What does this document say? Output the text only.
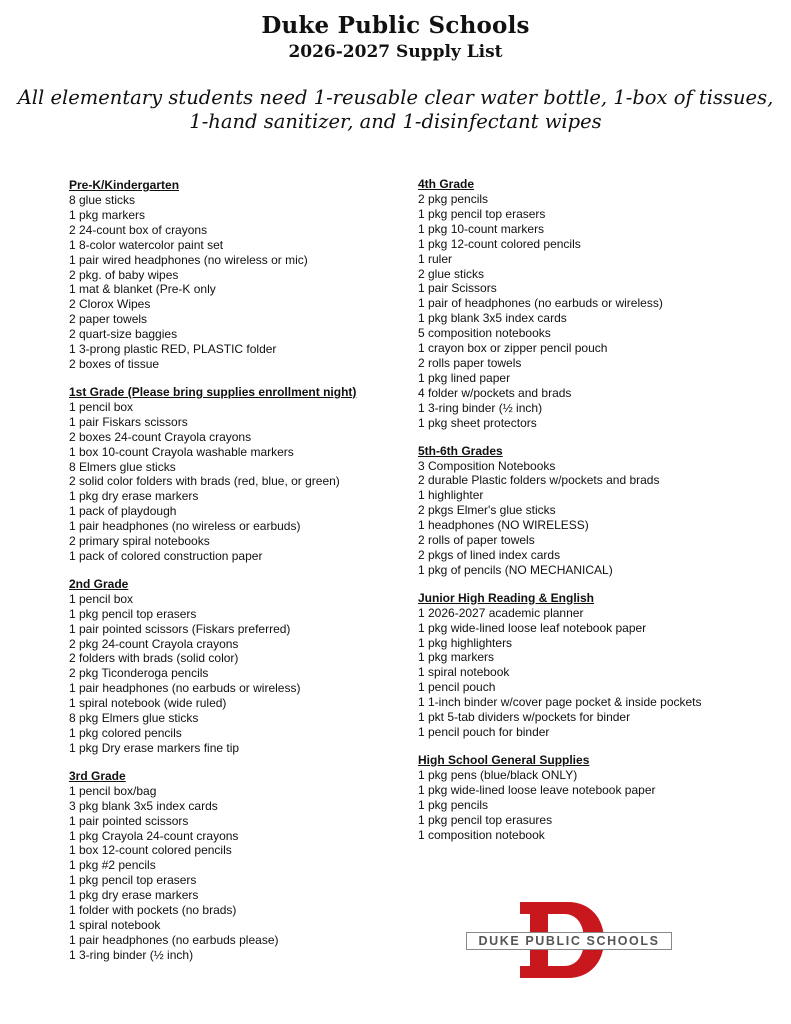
Duke Public Schools
2026-2027 Supply List
All elementary students need 1-reusable clear water bottle, 1-box of tissues,
1-hand sanitizer, and 1-disinfectant wipes
Pre-K/Kindergarten
8 glue sticks
1 pkg markers
2 24-count box of crayons
1 8-color watercolor paint set
1 pair wired headphones (no wireless or mic)
2 pkg. of baby wipes
1 mat & blanket (Pre-K only
2 Clorox Wipes
2 paper towels
2 quart-size baggies
1 3-prong plastic RED, PLASTIC folder
2 boxes of tissue
1st Grade (Please bring supplies enrollment night)
1 pencil box
1 pair Fiskars scissors
2 boxes 24-count Crayola crayons
1 box 10-count Crayola washable markers
8 Elmers glue sticks
2 solid color folders with brads (red, blue, or green)
1 pkg dry erase markers
1 pack of playdough
1 pair headphones (no wireless or earbuds)
2 primary spiral notebooks
1 pack of colored construction paper
2nd Grade
1 pencil box
1 pkg pencil top erasers
1 pair pointed scissors (Fiskars preferred)
2 pkg 24-count Crayola crayons
2 folders with brads (solid color)
2 pkg Ticonderoga pencils
1 pair headphones (no earbuds or wireless)
1 spiral notebook (wide ruled)
8 pkg Elmers glue sticks
1 pkg colored pencils
1 pkg Dry erase markers fine tip
3rd Grade
1 pencil box/bag
3 pkg blank 3x5 index cards
1 pair pointed scissors
1 pkg Crayola 24-count crayons
1 box 12-count colored pencils
1 pkg #2 pencils
1 pkg pencil top erasers
1 pkg dry erase markers
1 folder with pockets (no brads)
1 spiral notebook
1 pair headphones (no earbuds please)
1 3-ring binder (½ inch)
4th Grade
2 pkg pencils
1 pkg pencil top erasers
1 pkg 10-count markers
1 pkg 12-count colored pencils
1 ruler
2 glue sticks
1 pair Scissors
1 pair of headphones (no earbuds or wireless)
1 pkg blank 3x5 index cards
5 composition notebooks
1 crayon box or zipper pencil pouch
2 rolls paper towels
1 pkg lined paper
4 folder w/pockets and brads
1 3-ring binder (½ inch)
1 pkg sheet protectors
5th-6th Grades
3 Composition Notebooks
2 durable Plastic folders w/pockets and brads
1 highlighter
2 pkgs Elmer's glue sticks
1 headphones (NO WIRELESS)
2 rolls of paper towels
2 pkgs of lined index cards
1 pkg of pencils (NO MECHANICAL)
Junior High Reading & English
1 2026-2027 academic planner
1 pkg wide-lined loose leaf notebook paper
1 pkg highlighters
1 pkg markers
1 spiral notebook
1 pencil pouch
1 1-inch binder w/cover page pocket & inside pockets
1 pkt 5-tab dividers w/pockets for binder
1 pencil pouch for binder
High School General Supplies
1 pkg pens (blue/black ONLY)
1 pkg wide-lined loose leave notebook paper
1 pkg pencils
1 pkg pencil top erasures
1 composition notebook
DUKE PUBLIC SCHOOLS
